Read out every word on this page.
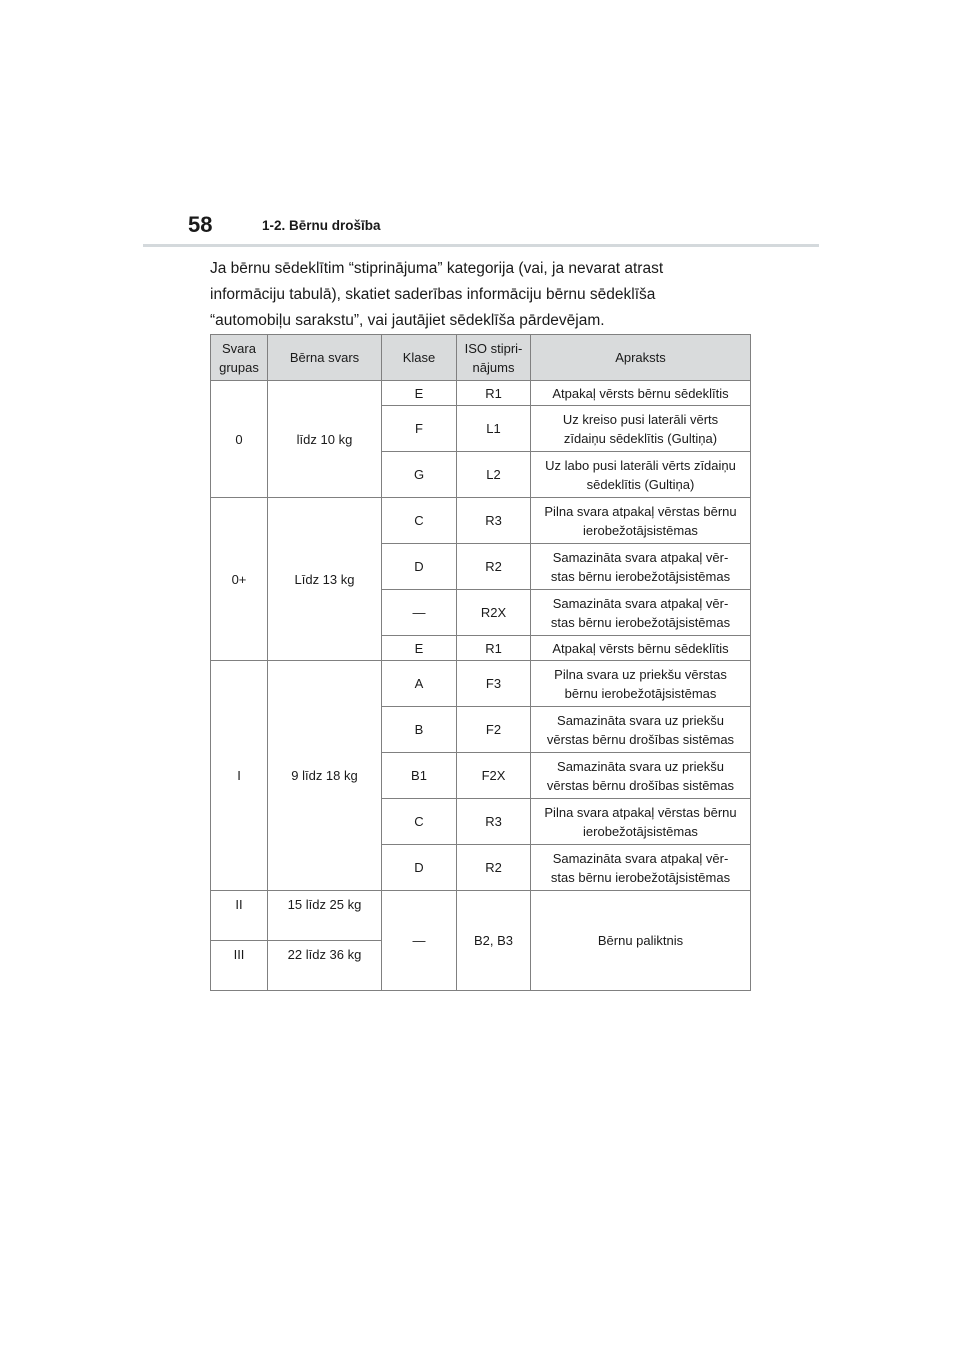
58	1-2. Bērnu drošība
Ja bērnu sēdeklītim “stiprinājuma” kategorija (vai, ja nevarat atrast
informāciju tabulā), skatiet saderības informāciju bērnu sēdeklīša
“automobiļu sarakstu”, vai jautājiet sēdeklīša pārdevējam.
Svara
grupas	Bērna svars	Klase	ISO stipri-
nājums	Apraksts
0	līdz 10 kg	E	R1	Atpakaļ vērsts bērnu sēdeklītis
		F	L1	Uz kreiso pusi laterāli vērts
zīdaiņu sēdeklītis (Gultiņa)
		G	L2	Uz labo pusi laterāli vērts zīdaiņu
sēdeklītis (Gultiņa)
0+	Līdz 13 kg	C	R3	Pilna svara atpakaļ vērstas bērnu
ierobežotājsistēmas
		D	R2	Samazināta svara atpakaļ vēr-
stas bērnu ierobežotājsistēmas
		—	R2X	Samazināta svara atpakaļ vēr-
stas bērnu ierobežotājsistēmas
		E	R1	Atpakaļ vērsts bērnu sēdeklītis
I	9 līdz 18 kg	A	F3	Pilna svara uz priekšu vērstas
bērnu ierobežotājsistēmas
		B	F2	Samazināta svara uz priekšu
vērstas bērnu drošības sistēmas
		B1	F2X	Samazināta svara uz priekšu
vērstas bērnu drošības sistēmas
		C	R3	Pilna svara atpakaļ vērstas bērnu
ierobežotājsistēmas
		D	R2	Samazināta svara atpakaļ vēr-
stas bērnu ierobežotājsistēmas
II	15 līdz 25 kg	—	B2, B3	Bērnu paliktnis
III	22 līdz 36 kg			
